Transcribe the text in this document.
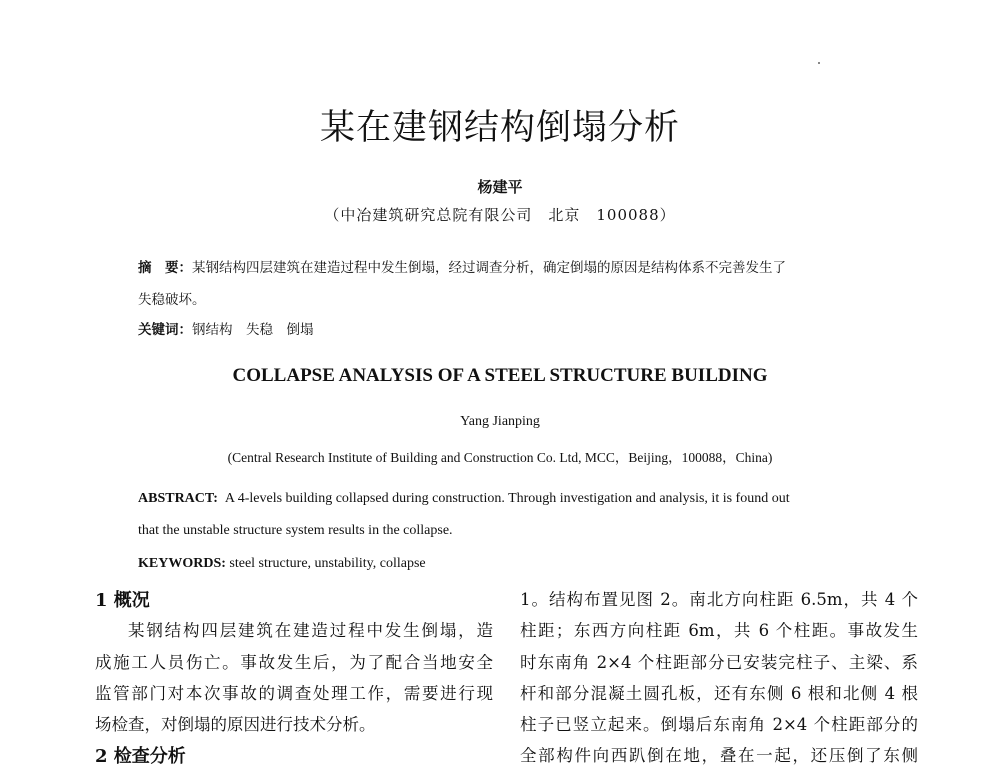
某在建钢结构倒塌分析
杨建平
（中冶建筑研究总院有限公司　北京　100088）
摘　要：某钢结构四层建筑在建造过程中发生倒塌，经过调查分析，确定倒塌的原因是结构体系不完善发生了
失稳破坏。
关键词：钢结构　失稳　倒塌
COLLAPSE ANALYSIS OF A STEEL STRUCTURE BUILDING
Yang Jianping
(Central Research Institute of Building and Construction Co. Ltd, MCC，Beijing，100088，China)
ABSTRACT: A 4-levels building collapsed during construction. Through investigation and analysis, it is found out
that the unstable structure system results in the collapse.
KEYWORDS: steel structure, unstability, collapse
1 概况
某钢结构四层建筑在建造过程中发生倒塌，造
成施工人员伤亡。事故发生后，为了配合当地安全
监管部门对本次事故的调查处理工作，需要进行现
场检查，对倒塌的原因进行技术分析。
2 检查分析
1。结构布置见图 2。南北方向柱距 6.5m，共 4 个
柱距；东西方向柱距 6m，共 6 个柱距。事故发生
时东南角 2×4 个柱距部分已安装完柱子、主梁、系
杆和部分混凝土圆孔板，还有东侧 6 根和北侧 4 根
柱子已竖立起来。倒塌后东南角 2×4 个柱距部分的
全部构件向西趴倒在地，叠在一起，还压倒了东侧
